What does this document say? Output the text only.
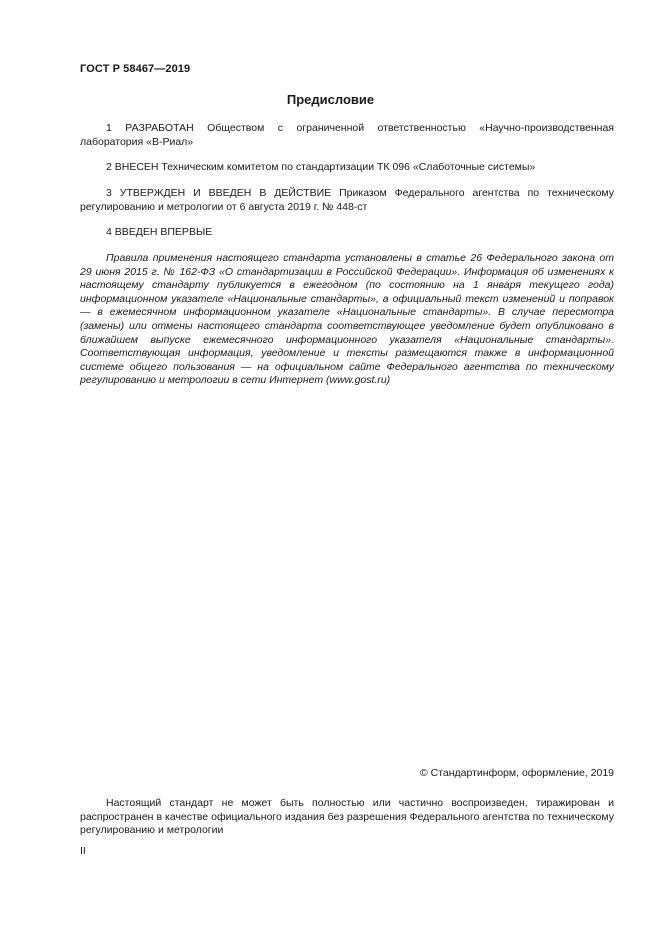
ГОСТ Р 58467—2019
Предисловие

1 РАЗРАБОТАН Обществом с ограниченной ответственностью «Научно-производственная лаборатория «В-Риал»

2 ВНЕСЕН Техническим комитетом по стандартизации ТК 096 «Слаботочные системы»

3 УТВЕРЖДЕН И ВВЕДЕН В ДЕЙСТВИЕ Приказом Федерального агентства по техническому регулированию и метрологии от 6 августа 2019 г. № 448-ст

4 ВВЕДЕН ВПЕРВЫЕ

Правила применения настоящего стандарта установлены в статье 26 Федерального закона от 29 июня 2015 г. № 162-ФЗ «О стандартизации в Российской Федерации». Информация об изменениях к настоящему стандарту публикуется в ежегодном (по состоянию на 1 января текущего года) информационном указателе «Национальные стандарты», а официальный текст изменений и поправок — в ежемесячном информационном указателе «Национальные стандарты». В случае пересмотра (замены) или отмены настоящего стандарта соответствующее уведомление будет опубликовано в ближайшем выпуске ежемесячного информационного указателя «Национальные стандарты». Соответствующая информация, уведомление и тексты размещаются также в информационной системе общего пользования — на официальном сайте Федерального агентства по техническому регулированию и метрологии в сети Интернет (www.gost.ru)

© Стандартинформ, оформление, 2019

Настоящий стандарт не может быть полностью или частично воспроизведен, тиражирован и распространен в качестве официального издания без разрешения Федерального агентства по техническому регулированию и метрологии

II
